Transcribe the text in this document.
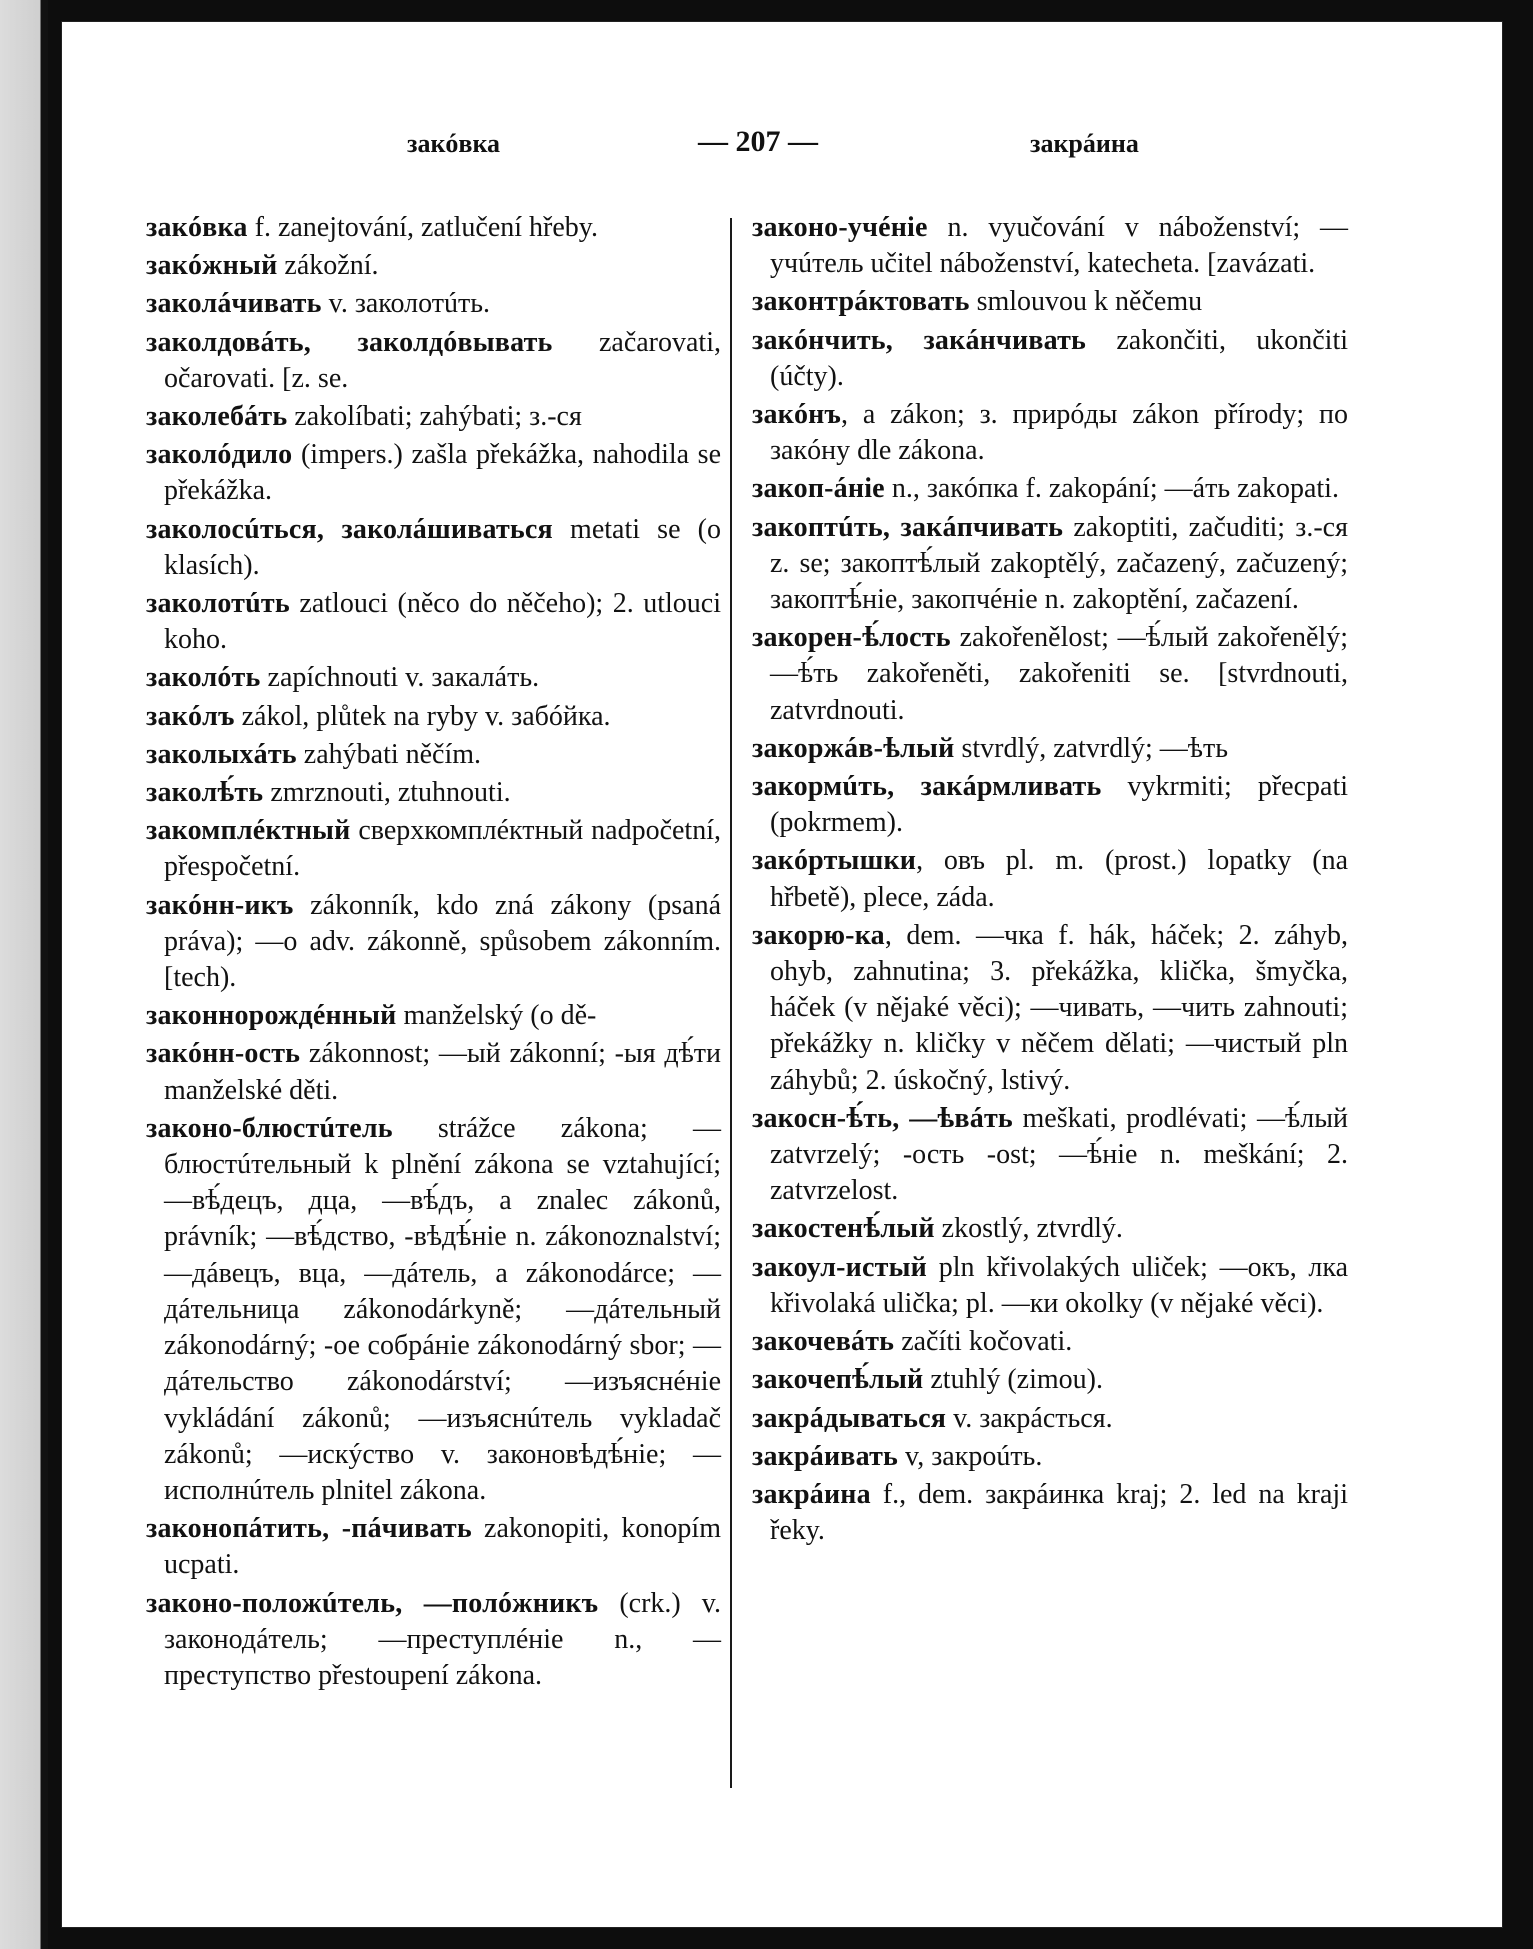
закóвка	— 207 —	закрáина

закóвка f. zanejtování, zatlučení hřeby.

закóжный zákožní.

заколáчивать v. заколотúть.

заколдовáть, заколдóвывать začarovati, očarovati. [z. se.

заколебáть zakolíbati; zahýbati; з.-ся

заколóдило (impers.) zašla překážka, nahodila se překážka.

заколосúться, заколáшиваться metati se (o klasích).

заколотúть zatlouci (něco do něčeho); 2. utlouci koho.

заколóть zapíchnouti v. закалáть.

закóлъ zákol, plůtek na ryby v. забóйка.

заколыхáть zahýbati něčím.

заколѣ́ть zmrznouti, ztuhnouti.

закомплéктный сверхкомплéктный nadpočetní, přespočetní.

закóнн-икъ zákonník, kdo zná zákony (psaná práva); —о adv. zákonně, spůsobem zákonním. [tech).

законнорождéнный manželský (o dě-

закóнн-ость zákonnost; —ый zákonní; -ыя дѣ́ти manželské děti.

законо-блюстúтель strážce zákona; —блюстúтельный k plnění zákona se vztahující; —вѣ́децъ, дца, —вѣ́дъ, a znalec zákonů, právník; —вѣ́дство, -вѣдѣ́ніе n. zákonoznalství; —дáвецъ, вца, —дáтель, a zákonodárce; —дáтельница zákonodárkyně; —дáтельный zákonodárný; -ое собрáніе zákonodárný sbor; —дáтельство zákonodárství; —изъяснéніе vykládání zákonů; —изъяснúтель vykladač zákonů; —искýство v. законовѣдѣ́ніе; —исполнúтель plnitel zákona.

законопáтить, -пáчивать zakonopiti, konopím ucpati.

законо-положúтель, —полóжникъ (crk.) v. законодáтель; —преступлéніе n., —преступство přestoupení zákona.

законо-учéніе n. vyučování v náboženství; —учúтель učitel náboženství, katecheta. [zavázati.

законтрáктовать smlouvou k něčemu

закóнчить, закáнчивать zakončiti, ukončiti (účty).

закóнъ, а zákon; з. прирóды zákon přírody; по закóну dle zákona.

закоп-áніе n., закóпка f. zakopání; —áть zakopati.

закоптúть, закáпчивать zakoptiti, začuditi; з.-ся z. se; закоптѣ́лый zakoptělý, začazený, začuzený; закоптѣ́ніе, закопчéніе n. zakoptění, začazení.

закорен-ѣ́лость zakořenělost; —ѣ́лый zakořenělý; —ѣ́ть zakořeněti, zakořeniti se. [stvrdnouti, zatvrdnouti.

закоржáв-ѣлый stvrdlý, zatvrdlý; —ѣть

закормúть, закáрмливать vykrmiti; přecpati (pokrmem).

закóртышки, овъ pl. m. (prost.) lopatky (na hřbetě), plece, záda.

закорю-ка, dem. —чка f. hák, háček; 2. záhyb, ohyb, zahnutina; 3. překážka, klička, šmyčka, háček (v nějaké věci); —чивать, —чить zahnouti; překážky n. kličky v něčem dělati; —чистый pln záhybů; 2. úskočný, lstivý.

закосн-ѣ́ть, —ѣвáть meškati, prodlévati; —ѣ́лый zatvrzelý; -ость -ost; —ѣ́ніе n. meškání; 2. zatvrzelost.

закостенѣ́лый zkostlý, ztvrdlý.

закоул-истый pln křivolakých uliček; —окъ, лка křivolaká ulička; pl. —ки okolky (v nějaké věci).

закочевáть začíti kočovati.

закочепѣ́лый ztuhlý (zimou).

закрáдываться v. закрáсться.

закрáивать v, закроúть.

закрáина f., dem. закрáинка kraj; 2. led na kraji řeky.
